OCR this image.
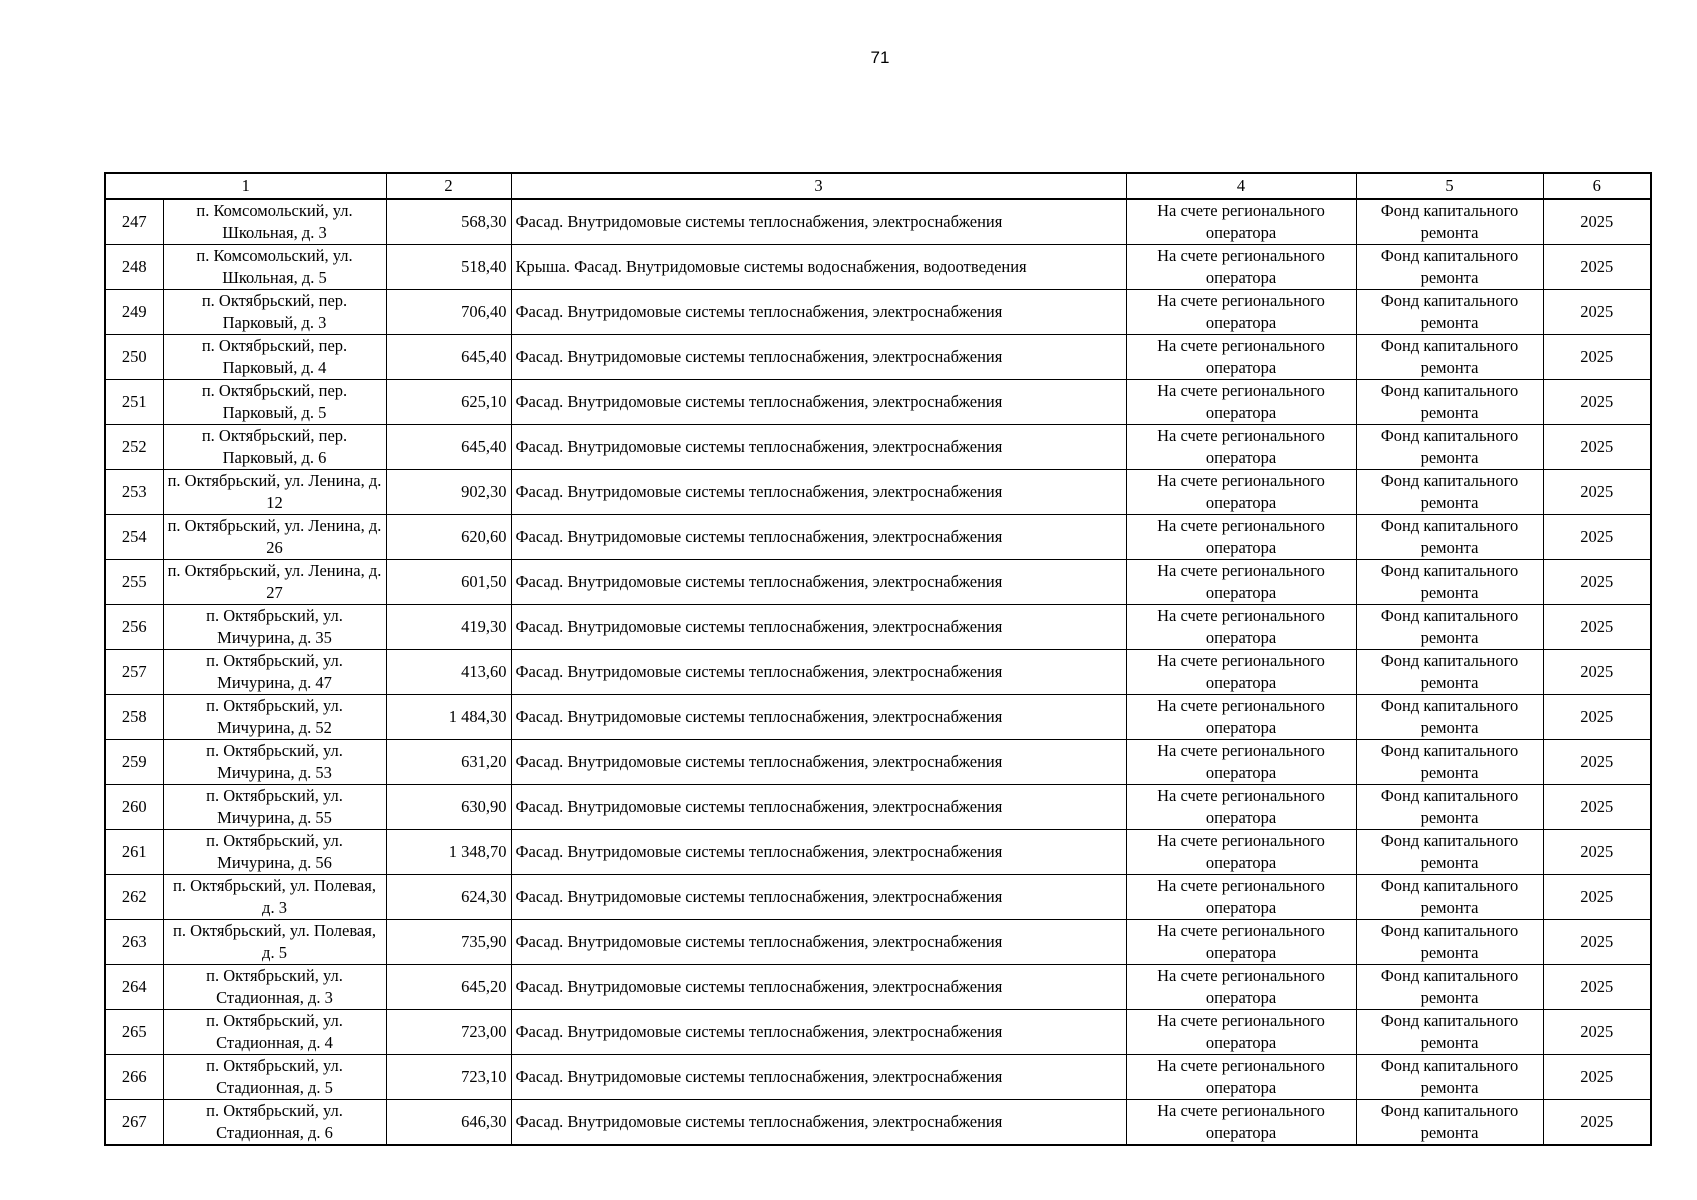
71
1		2	3	4	5	6
247	п. Комсомольский, ул. Школьная, д. 3	568,30	Фасад. Внутридомовые системы теплоснабжения, электроснабжения	На счете регионального оператора	Фонд капитального ремонта	2025
248	п. Комсомольский, ул. Школьная, д. 5	518,40	Крыша. Фасад. Внутридомовые системы водоснабжения, водоотведения	На счете регионального оператора	Фонд капитального ремонта	2025
249	п. Октябрьский, пер. Парковый, д. 3	706,40	Фасад. Внутридомовые системы теплоснабжения, электроснабжения	На счете регионального оператора	Фонд капитального ремонта	2025
250	п. Октябрьский, пер. Парковый, д. 4	645,40	Фасад. Внутридомовые системы теплоснабжения, электроснабжения	На счете регионального оператора	Фонд капитального ремонта	2025
251	п. Октябрьский, пер. Парковый, д. 5	625,10	Фасад. Внутридомовые системы теплоснабжения, электроснабжения	На счете регионального оператора	Фонд капитального ремонта	2025
252	п. Октябрьский, пер. Парковый, д. 6	645,40	Фасад. Внутридомовые системы теплоснабжения, электроснабжения	На счете регионального оператора	Фонд капитального ремонта	2025
253	п. Октябрьский, ул. Ленина, д. 12	902,30	Фасад. Внутридомовые системы теплоснабжения, электроснабжения	На счете регионального оператора	Фонд капитального ремонта	2025
254	п. Октябрьский, ул. Ленина, д. 26	620,60	Фасад. Внутридомовые системы теплоснабжения, электроснабжения	На счете регионального оператора	Фонд капитального ремонта	2025
255	п. Октябрьский, ул. Ленина, д. 27	601,50	Фасад. Внутридомовые системы теплоснабжения, электроснабжения	На счете регионального оператора	Фонд капитального ремонта	2025
256	п. Октябрьский, ул. Мичурина, д. 35	419,30	Фасад. Внутридомовые системы теплоснабжения, электроснабжения	На счете регионального оператора	Фонд капитального ремонта	2025
257	п. Октябрьский, ул. Мичурина, д. 47	413,60	Фасад. Внутридомовые системы теплоснабжения, электроснабжения	На счете регионального оператора	Фонд капитального ремонта	2025
258	п. Октябрьский, ул. Мичурина, д. 52	1 484,30	Фасад. Внутридомовые системы теплоснабжения, электроснабжения	На счете регионального оператора	Фонд капитального ремонта	2025
259	п. Октябрьский, ул. Мичурина, д. 53	631,20	Фасад. Внутридомовые системы теплоснабжения, электроснабжения	На счете регионального оператора	Фонд капитального ремонта	2025
260	п. Октябрьский, ул. Мичурина, д. 55	630,90	Фасад. Внутридомовые системы теплоснабжения, электроснабжения	На счете регионального оператора	Фонд капитального ремонта	2025
261	п. Октябрьский, ул. Мичурина, д. 56	1 348,70	Фасад. Внутридомовые системы теплоснабжения, электроснабжения	На счете регионального оператора	Фонд капитального ремонта	2025
262	п. Октябрьский, ул. Полевая, д. 3	624,30	Фасад. Внутридомовые системы теплоснабжения, электроснабжения	На счете регионального оператора	Фонд капитального ремонта	2025
263	п. Октябрьский, ул. Полевая, д. 5	735,90	Фасад. Внутридомовые системы теплоснабжения, электроснабжения	На счете регионального оператора	Фонд капитального ремонта	2025
264	п. Октябрьский, ул. Стадионная, д. 3	645,20	Фасад. Внутридомовые системы теплоснабжения, электроснабжения	На счете регионального оператора	Фонд капитального ремонта	2025
265	п. Октябрьский, ул. Стадионная, д. 4	723,00	Фасад. Внутридомовые системы теплоснабжения, электроснабжения	На счете регионального оператора	Фонд капитального ремонта	2025
266	п. Октябрьский, ул. Стадионная, д. 5	723,10	Фасад. Внутридомовые системы теплоснабжения, электроснабжения	На счете регионального оператора	Фонд капитального ремонта	2025
267	п. Октябрьский, ул. Стадионная, д. 6	646,30	Фасад. Внутридомовые системы теплоснабжения, электроснабжения	На счете регионального оператора	Фонд капитального ремонта	2025
